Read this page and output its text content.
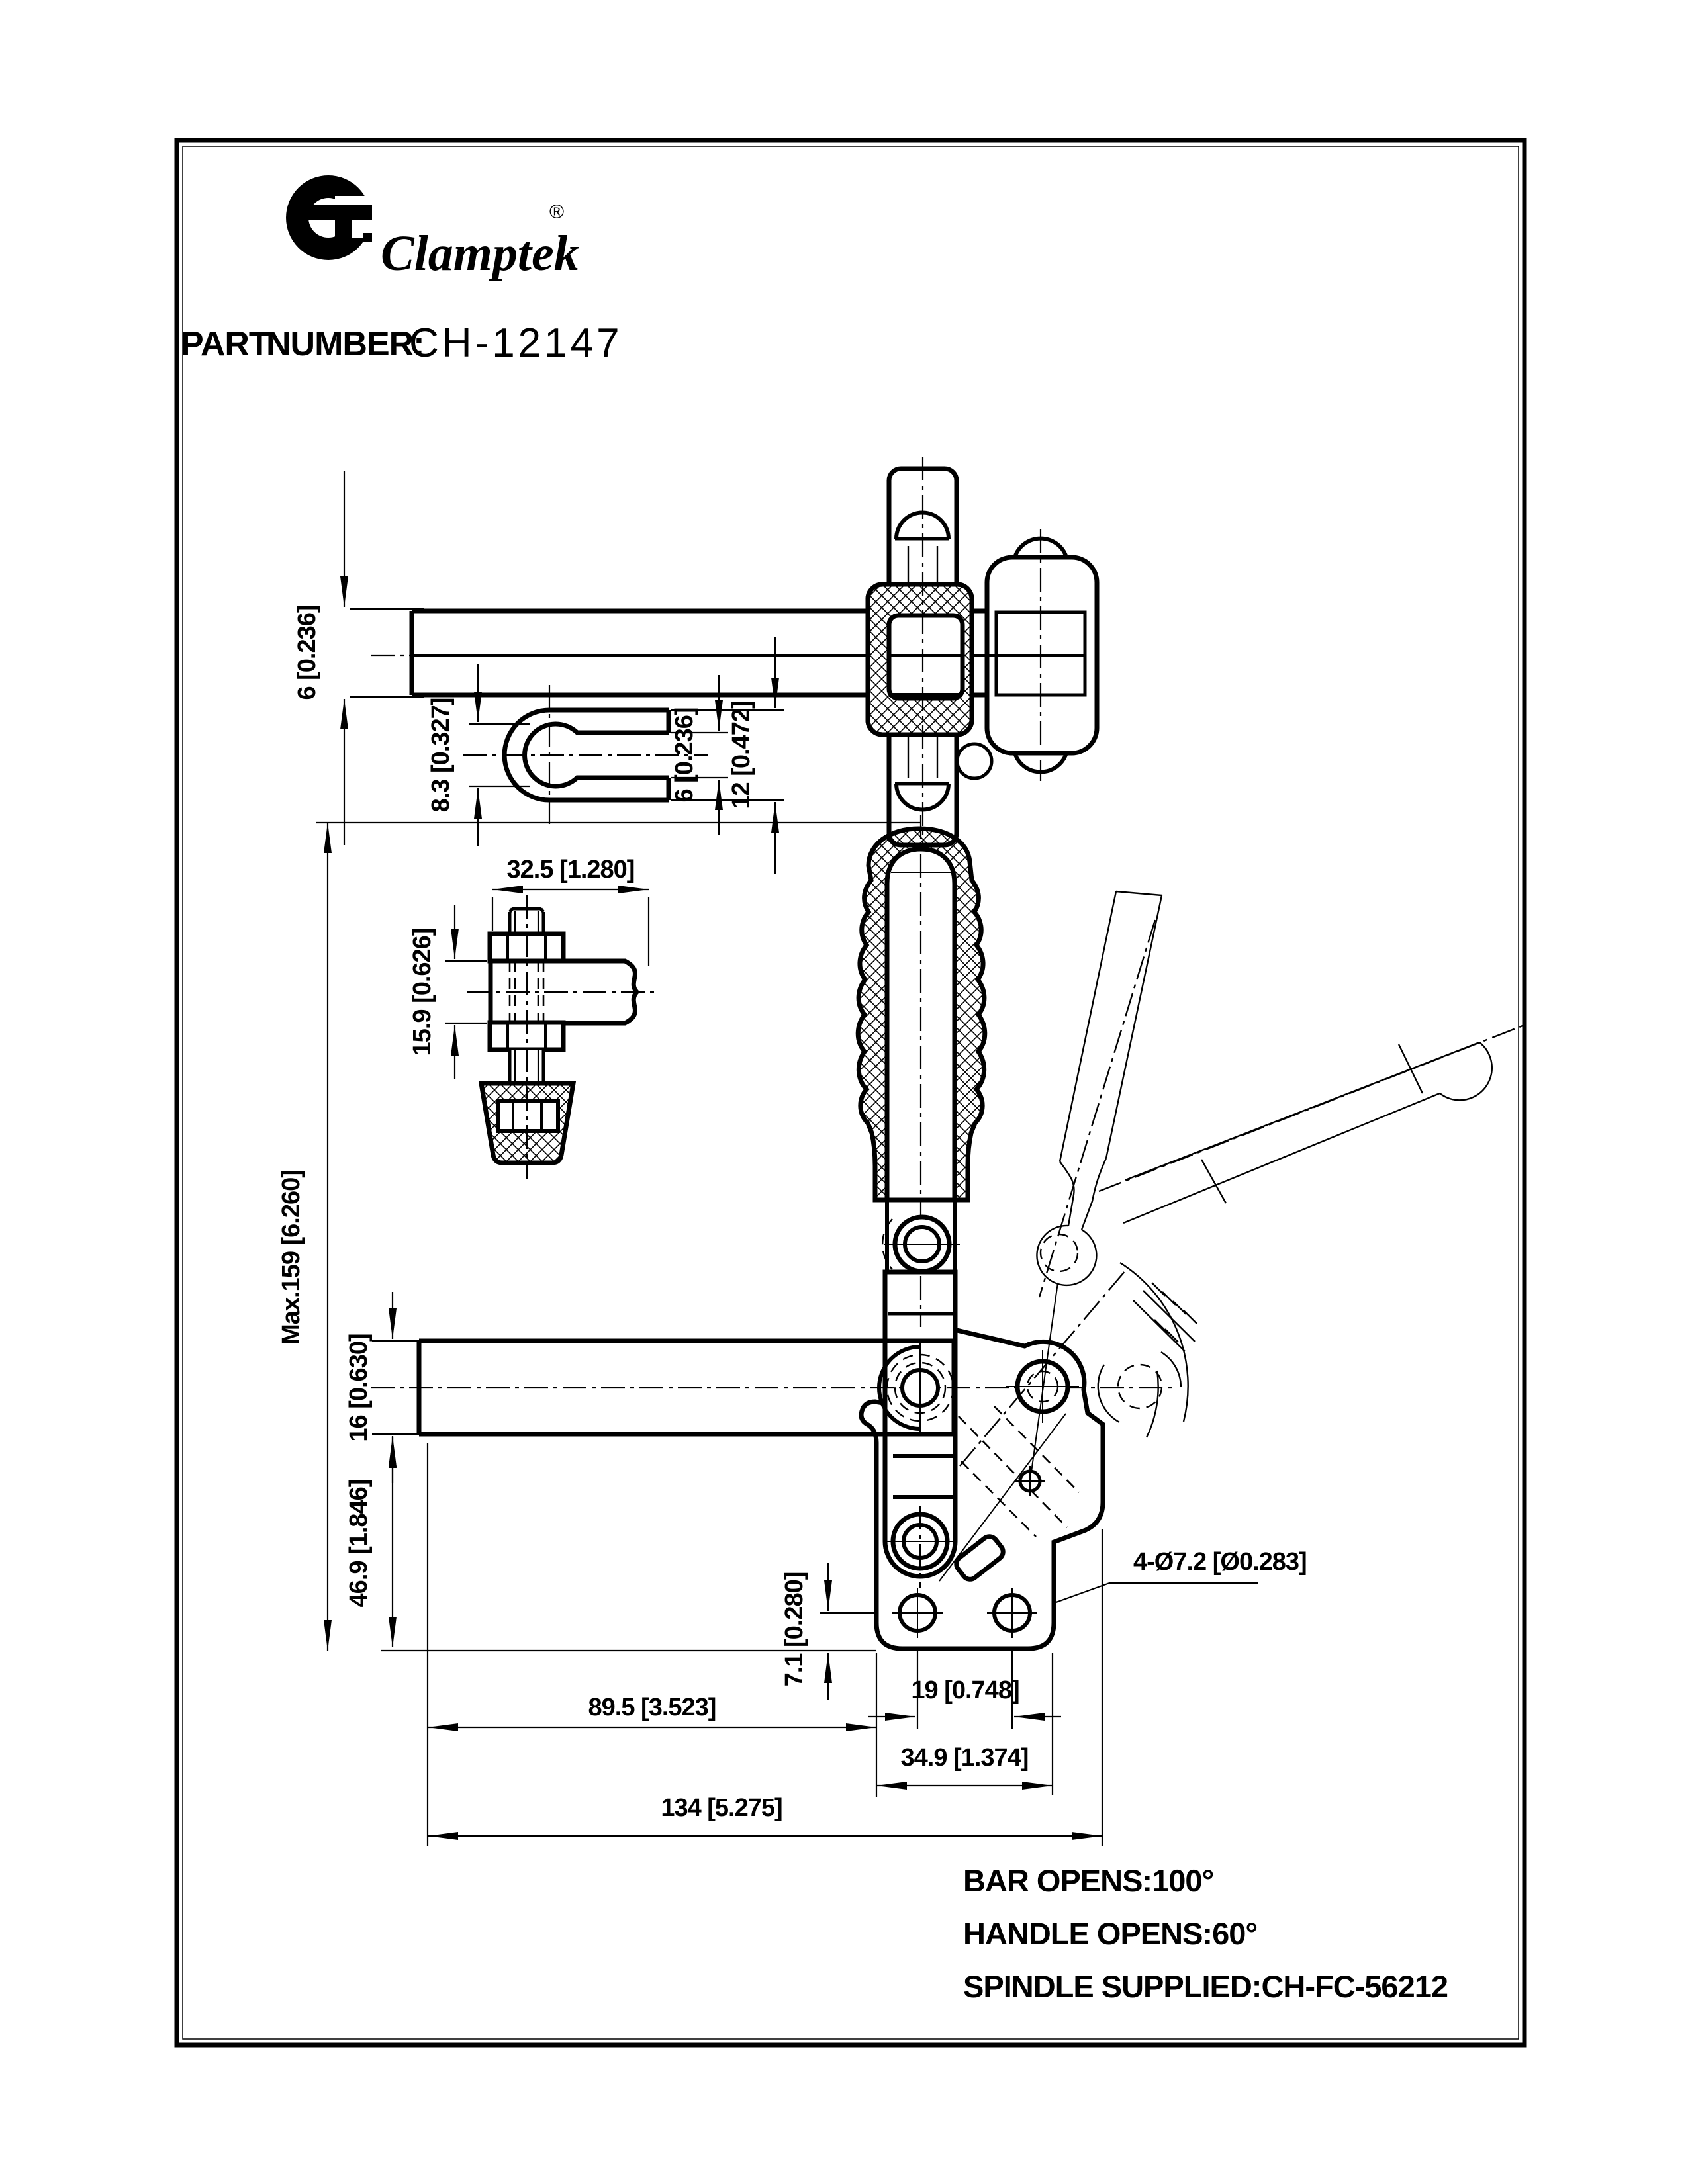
Clamptek
®
PART
NUMBER:
CH-12147
6 [0.236]
8.3 [0.327]	6 [0.236] 12 [0.472]
32.5 [1.280]
15.9 [0.626]
Max.159 [6.260]
16 [0.630]
46.9 [1.846]
7.1 [0.280]
89.5 [3.523]
19 [0.748]
34.9 [1.374]
134 [5.275]
4-Ø7.2 [Ø0.283]
BAR OPENS:100°
HANDLE OPENS:60°
SPINDLE SUPPLIED:CH-FC-56212
